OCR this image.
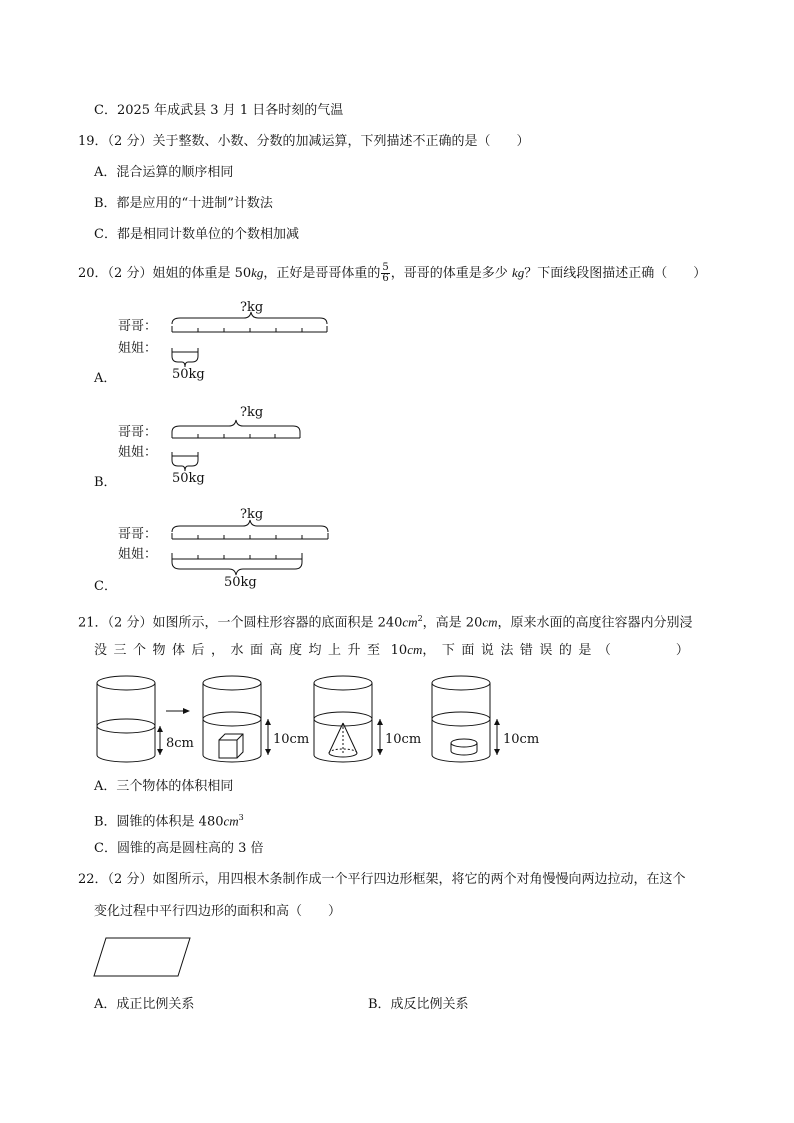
C．2025 年成武县 3 月 1 日各时刻的气温
19．（2 分）关于整数、小数、分数的加减运算，下列描述不正确的是（　　）
A．混合运算的顺序相同
B．都是应用的“十进制”计数法
C．都是相同计数单位的个数相加减
20．（2 分）姐姐的体重是 50kg，正好是哥哥体重的 $\frac{5}{6}$ ，哥哥的体重是多少 kg？下面线段图描述正确（　　）
哥哥：
姐姐：
?kg
50kg
A．
哥哥：
姐姐：
?kg
50kg
B．
哥哥：
姐姐：
?kg
50kg
C．
21．（2 分）如图所示，一个圆柱形容器的底面积是 $240cm^2$，高是 20cm，原来水面的高度往容器内分别浸
没三个物体后，水面高度均上升至 10cm，下面说法错误的是（　　　）
8cm	10cm	10cm	10cm
A．三个物体的体积相同
B．圆锥的体积是 $480cm^3$
C．圆锥的高是圆柱高的 3 倍
22．（2 分）如图所示，用四根木条制作成一个平行四边形框架，将它的两个对角慢慢向两边拉动，在这个
变化过程中平行四边形的面积和高（　　）
A．成正比例关系	B．成反比例关系
